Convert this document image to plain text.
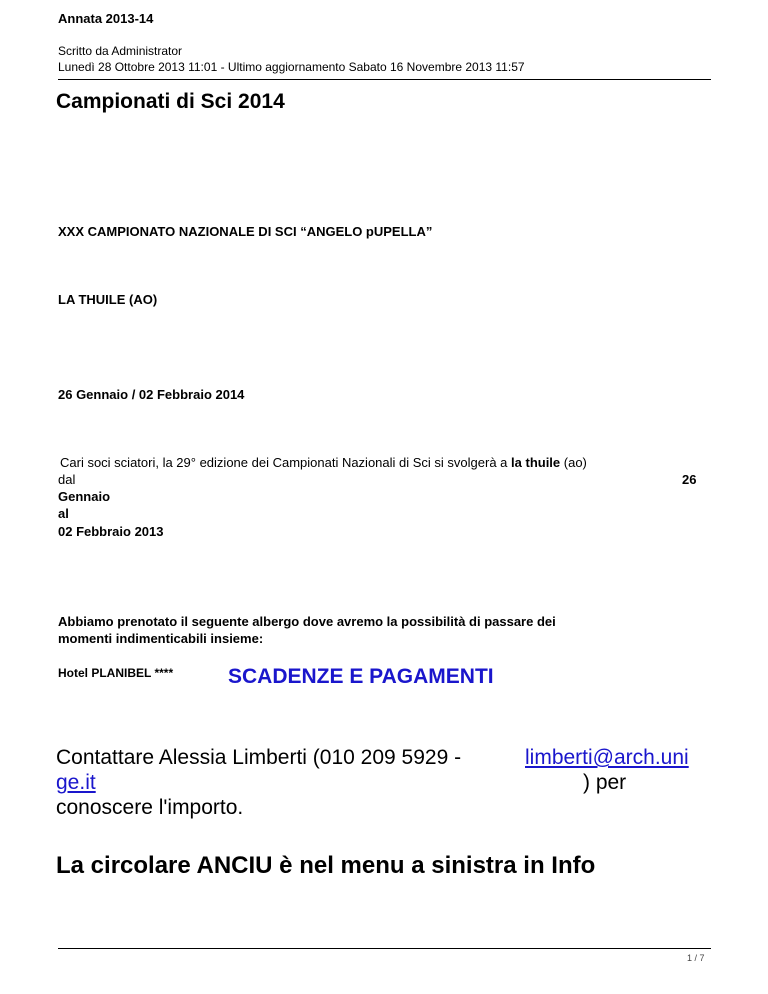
Annata 2013-14
Scritto da Administrator
Lunedì 28 Ottobre 2013 11:01 - Ultimo aggiornamento Sabato 16 Novembre 2013 11:57
Campionati di Sci 2014
XXX CAMPIONATO NAZIONALE DI SCI “ANGELO pUPELLA”
LA THUILE (AO)
26 Gennaio / 02 Febbraio 2014
Cari soci sciatori, la 29° edizione dei Campionati Nazionali di Sci si svolgerà a la thuile (ao)
dal	26
Gennaio
al
02 Febbraio 2013
Abbiamo prenotato il seguente albergo dove avremo la possibilità di passare dei
momenti indimenticabili insieme:
Hotel PLANIBEL ****	SCADENZE E PAGAMENTI
Contattare Alessia Limberti (010 209 5929 -	limberti@arch.uni
ge.it	) per
conoscere l'importo.
La circolare ANCIU è nel menu a sinistra in Info
1 / 7
